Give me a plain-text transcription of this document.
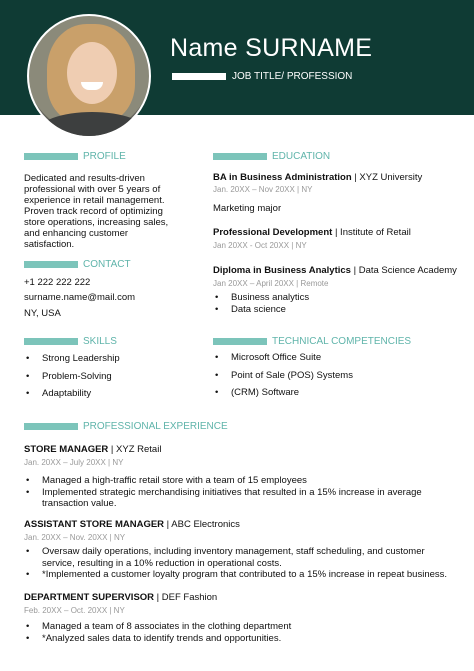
Name SURNAME
JOB TITLE/ PROFESSION
PROFILE
Dedicated and results-driven
professional with over 5 years of
experience in retail management.
Proven track record of optimizing
store operations, increasing sales,
and enhancing customer
satisfaction.
CONTACT
+1 222 222 222
surname.name@mail.com
NY, USA
SKILLS
• Strong Leadership
• Problem-Solving
• Adaptability
EDUCATION
BA in Business Administration | XYZ University
Jan. 20XX – Nov 20XX | NY
Marketing major
Professional Development | Institute of Retail
Jan 20XX - Oct 20XX | NY
Diploma in Business Analytics | Data Science Academy
Jan 20XX – April 20XX | Remote
• Business analytics
• Data science
TECHNICAL COMPETENCIES
• Microsoft Office Suite
• Point of Sale (POS) Systems
• (CRM) Software
PROFESSIONAL EXPERIENCE
STORE MANAGER | XYZ Retail
Jan. 20XX – July 20XX | NY
• Managed a high-traffic retail store with a team of 15 employees
• Implemented strategic merchandising initiatives that resulted in a 15% increase in average transaction value.
ASSISTANT STORE MANAGER | ABC Electronics
Jan. 20XX – Nov. 20XX | NY
• Oversaw daily operations, including inventory management, staff scheduling, and customer service, resulting in a 10% reduction in operational costs.
• *Implemented a customer loyalty program that contributed to a 15% increase in repeat business.
DEPARTMENT SUPERVISOR | DEF Fashion
Feb. 20XX – Oct. 20XX | NY
• Managed a team of 8 associates in the clothing department
• *Analyzed sales data to identify trends and opportunities.
